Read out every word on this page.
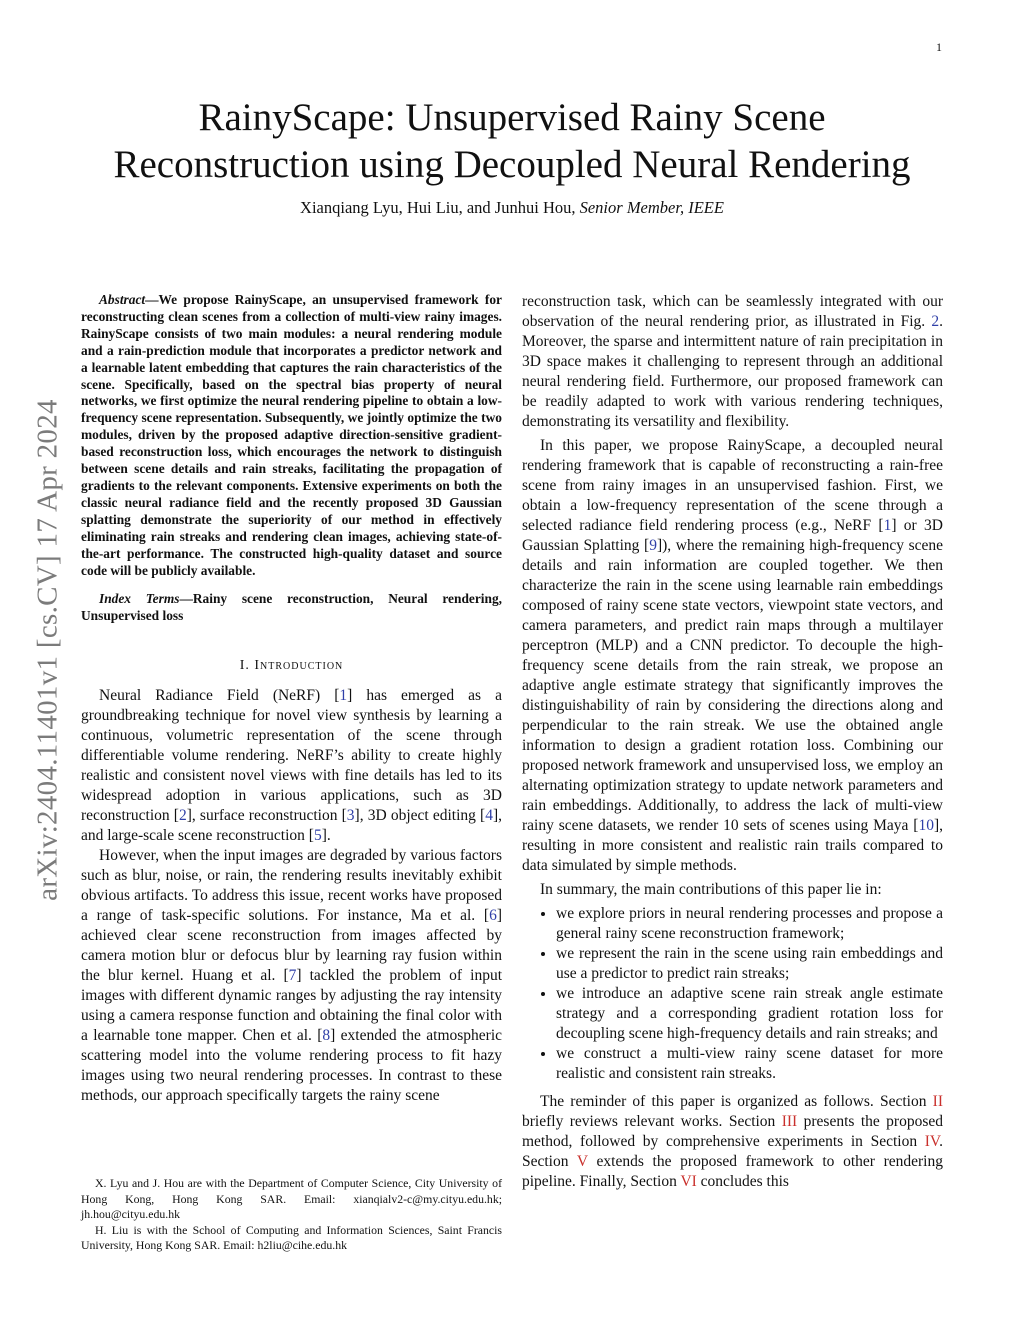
1
RainyScape: Unsupervised Rainy Scene
Reconstruction using Decoupled Neural Rendering
Xianqiang Lyu, Hui Liu, and Junhui Hou, Senior Member, IEEE
arXiv:2404.11401v1 [cs.CV] 17 Apr 2024

Abstract—We propose RainyScape, an unsupervised framework for reconstructing clean scenes from a collection of multi-view rainy images. RainyScape consists of two main modules: a neural rendering module and a rain-prediction module that incorporates a predictor network and a learnable latent embedding that captures the rain characteristics of the scene. Specifically, based on the spectral bias property of neural networks, we first optimize the neural rendering pipeline to obtain a low-frequency scene representation. Subsequently, we jointly optimize the two modules, driven by the proposed adaptive direction-sensitive gradient-based reconstruction loss, which encourages the network to distinguish between scene details and rain streaks, facilitating the propagation of gradients to the relevant components. Extensive experiments on both the classic neural radiance field and the recently proposed 3D Gaussian splatting demonstrate the superiority of our method in effectively eliminating rain streaks and rendering clean images, achieving state-of-the-art performance. The constructed high-quality dataset and source code will be publicly available.

Index Terms—Rainy scene reconstruction, Neural rendering, Unsupervised loss

I. Introduction

Neural Radiance Field (NeRF) [1] has emerged as a groundbreaking technique for novel view synthesis by learning a continuous, volumetric representation of the scene through differentiable volume rendering. NeRF’s ability to create highly realistic and consistent novel views with fine details has led to its widespread adoption in various applications, such as 3D reconstruction [2], surface reconstruction [3], 3D object editing [4], and large-scale scene reconstruction [5].

However, when the input images are degraded by various factors such as blur, noise, or rain, the rendering results inevitably exhibit obvious artifacts. To address this issue, recent works have proposed a range of task-specific solutions. For instance, Ma et al. [6] achieved clear scene reconstruction from images affected by camera motion blur or defocus blur by learning ray fusion within the blur kernel. Huang et al. [7] tackled the problem of input images with different dynamic ranges by adjusting the ray intensity using a camera response function and obtaining the final color with a learnable tone mapper. Chen et al. [8] extended the atmospheric scattering model into the volume rendering process to fit hazy images using two neural rendering processes. In contrast to these methods, our approach specifically targets the rainy scene

X. Lyu and J. Hou are with the Department of Computer Science, City University of Hong Kong, Hong Kong SAR. Email: xianqialv2-c@my.cityu.edu.hk; jh.hou@cityu.edu.hk

H. Liu is with the School of Computing and Information Sciences, Saint Francis University, Hong Kong SAR. Email: h2liu@cihe.edu.hk

reconstruction task, which can be seamlessly integrated with our observation of the neural rendering prior, as illustrated in Fig. 2. Moreover, the sparse and intermittent nature of rain precipitation in 3D space makes it challenging to represent through an additional neural rendering field. Furthermore, our proposed framework can be readily adapted to work with various rendering techniques, demonstrating its versatility and flexibility.

In this paper, we propose RainyScape, a decoupled neural rendering framework that is capable of reconstructing a rain-free scene from rainy images in an unsupervised fashion. First, we obtain a low-frequency representation of the scene through a selected radiance field rendering process (e.g., NeRF [1] or 3D Gaussian Splatting [9]), where the remaining high-frequency scene details and rain information are coupled together. We then characterize the rain in the scene using learnable rain embeddings composed of rainy scene state vectors, viewpoint state vectors, and camera parameters, and predict rain maps through a multilayer perceptron (MLP) and a CNN predictor. To decouple the high-frequency scene details from the rain streak, we propose an adaptive angle estimate strategy that significantly improves the distinguishability of rain by considering the directions along and perpendicular to the rain streak. We use the obtained angle information to design a gradient rotation loss. Combining our proposed network framework and unsupervised loss, we employ an alternating optimization strategy to update network parameters and rain embeddings. Additionally, to address the lack of multi-view rainy scene datasets, we render 10 sets of scenes using Maya [10], resulting in more consistent and realistic rain trails compared to data simulated by simple methods.

In summary, the main contributions of this paper lie in:

• we explore priors in neural rendering processes and propose a general rainy scene reconstruction framework;
• we represent the rain in the scene using rain embeddings and use a predictor to predict rain streaks;
• we introduce an adaptive scene rain streak angle estimate strategy and a corresponding gradient rotation loss for decoupling scene high-frequency details and rain streaks; and
• we construct a multi-view rainy scene dataset for more realistic and consistent rain streaks.

The reminder of this paper is organized as follows. Section II briefly reviews relevant works. Section III presents the proposed method, followed by comprehensive experiments in Section IV. Section V extends the proposed framework to other rendering pipeline. Finally, Section VI concludes this
